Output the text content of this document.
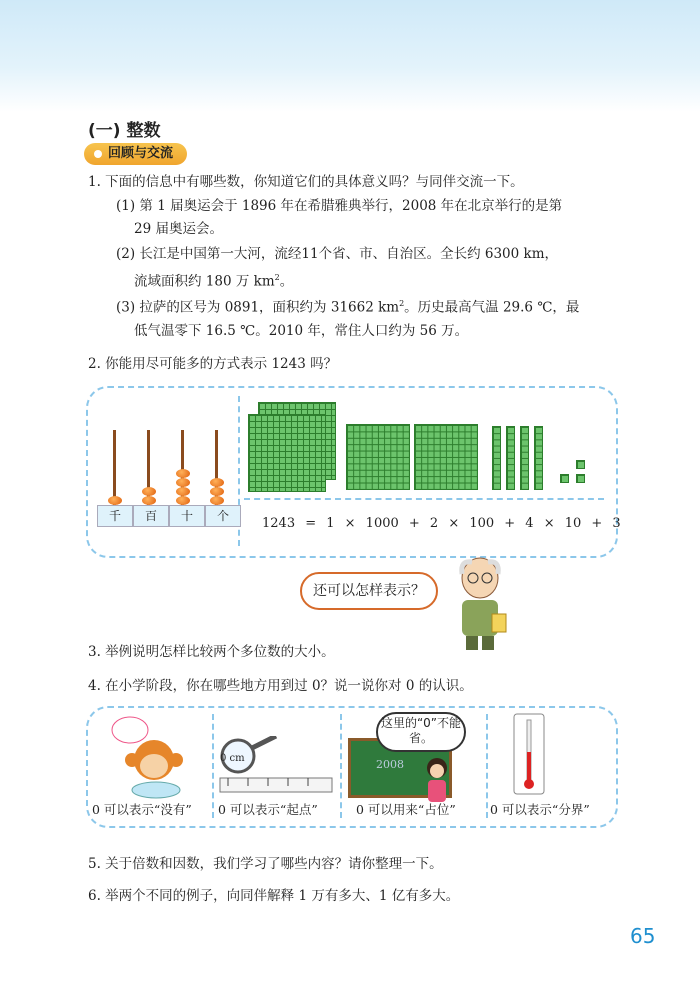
(一) 整数
回顾与交流
1. 下面的信息中有哪些数，你知道它们的具体意义吗？与同伴交流一下。
(1) 第 1 届奥运会于 1896 年在希腊雅典举行，2008 年在北京举行的是第
29 届奥运会。
(2) 长江是中国第一大河，流经11个省、市、自治区。全长约 6300 km，
流域面积约 180 万 $km^2$。
(3) 拉萨的区号为 0891，面积约为 31662 $km^2$。历史最高气温 29.6 ℃，最
低气温零下 16.5 ℃。2010 年，常住人口约为 56 万。
2. 你能用尽可能多的方式表示 1243 吗？
千	百	十	个	1243 = 1 × 1000 + 2 × 100 + 4 × 10 + 3
还可以怎样表示？
3. 举例说明怎样比较两个多位数的大小。
4. 在小学阶段，你在哪些地方用到过 0？说一说你对 0 的认识。
0 可以表示“没有”
0 cm
0 可以表示“起点”
2008
这里的“0”不能省。
0 可以用来“占位”	0 可以表示“分界”
5. 关于倍数和因数，我们学习了哪些内容？请你整理一下。
6. 举两个不同的例子，向同伴解释 1 万有多大、1 亿有多大。
65
